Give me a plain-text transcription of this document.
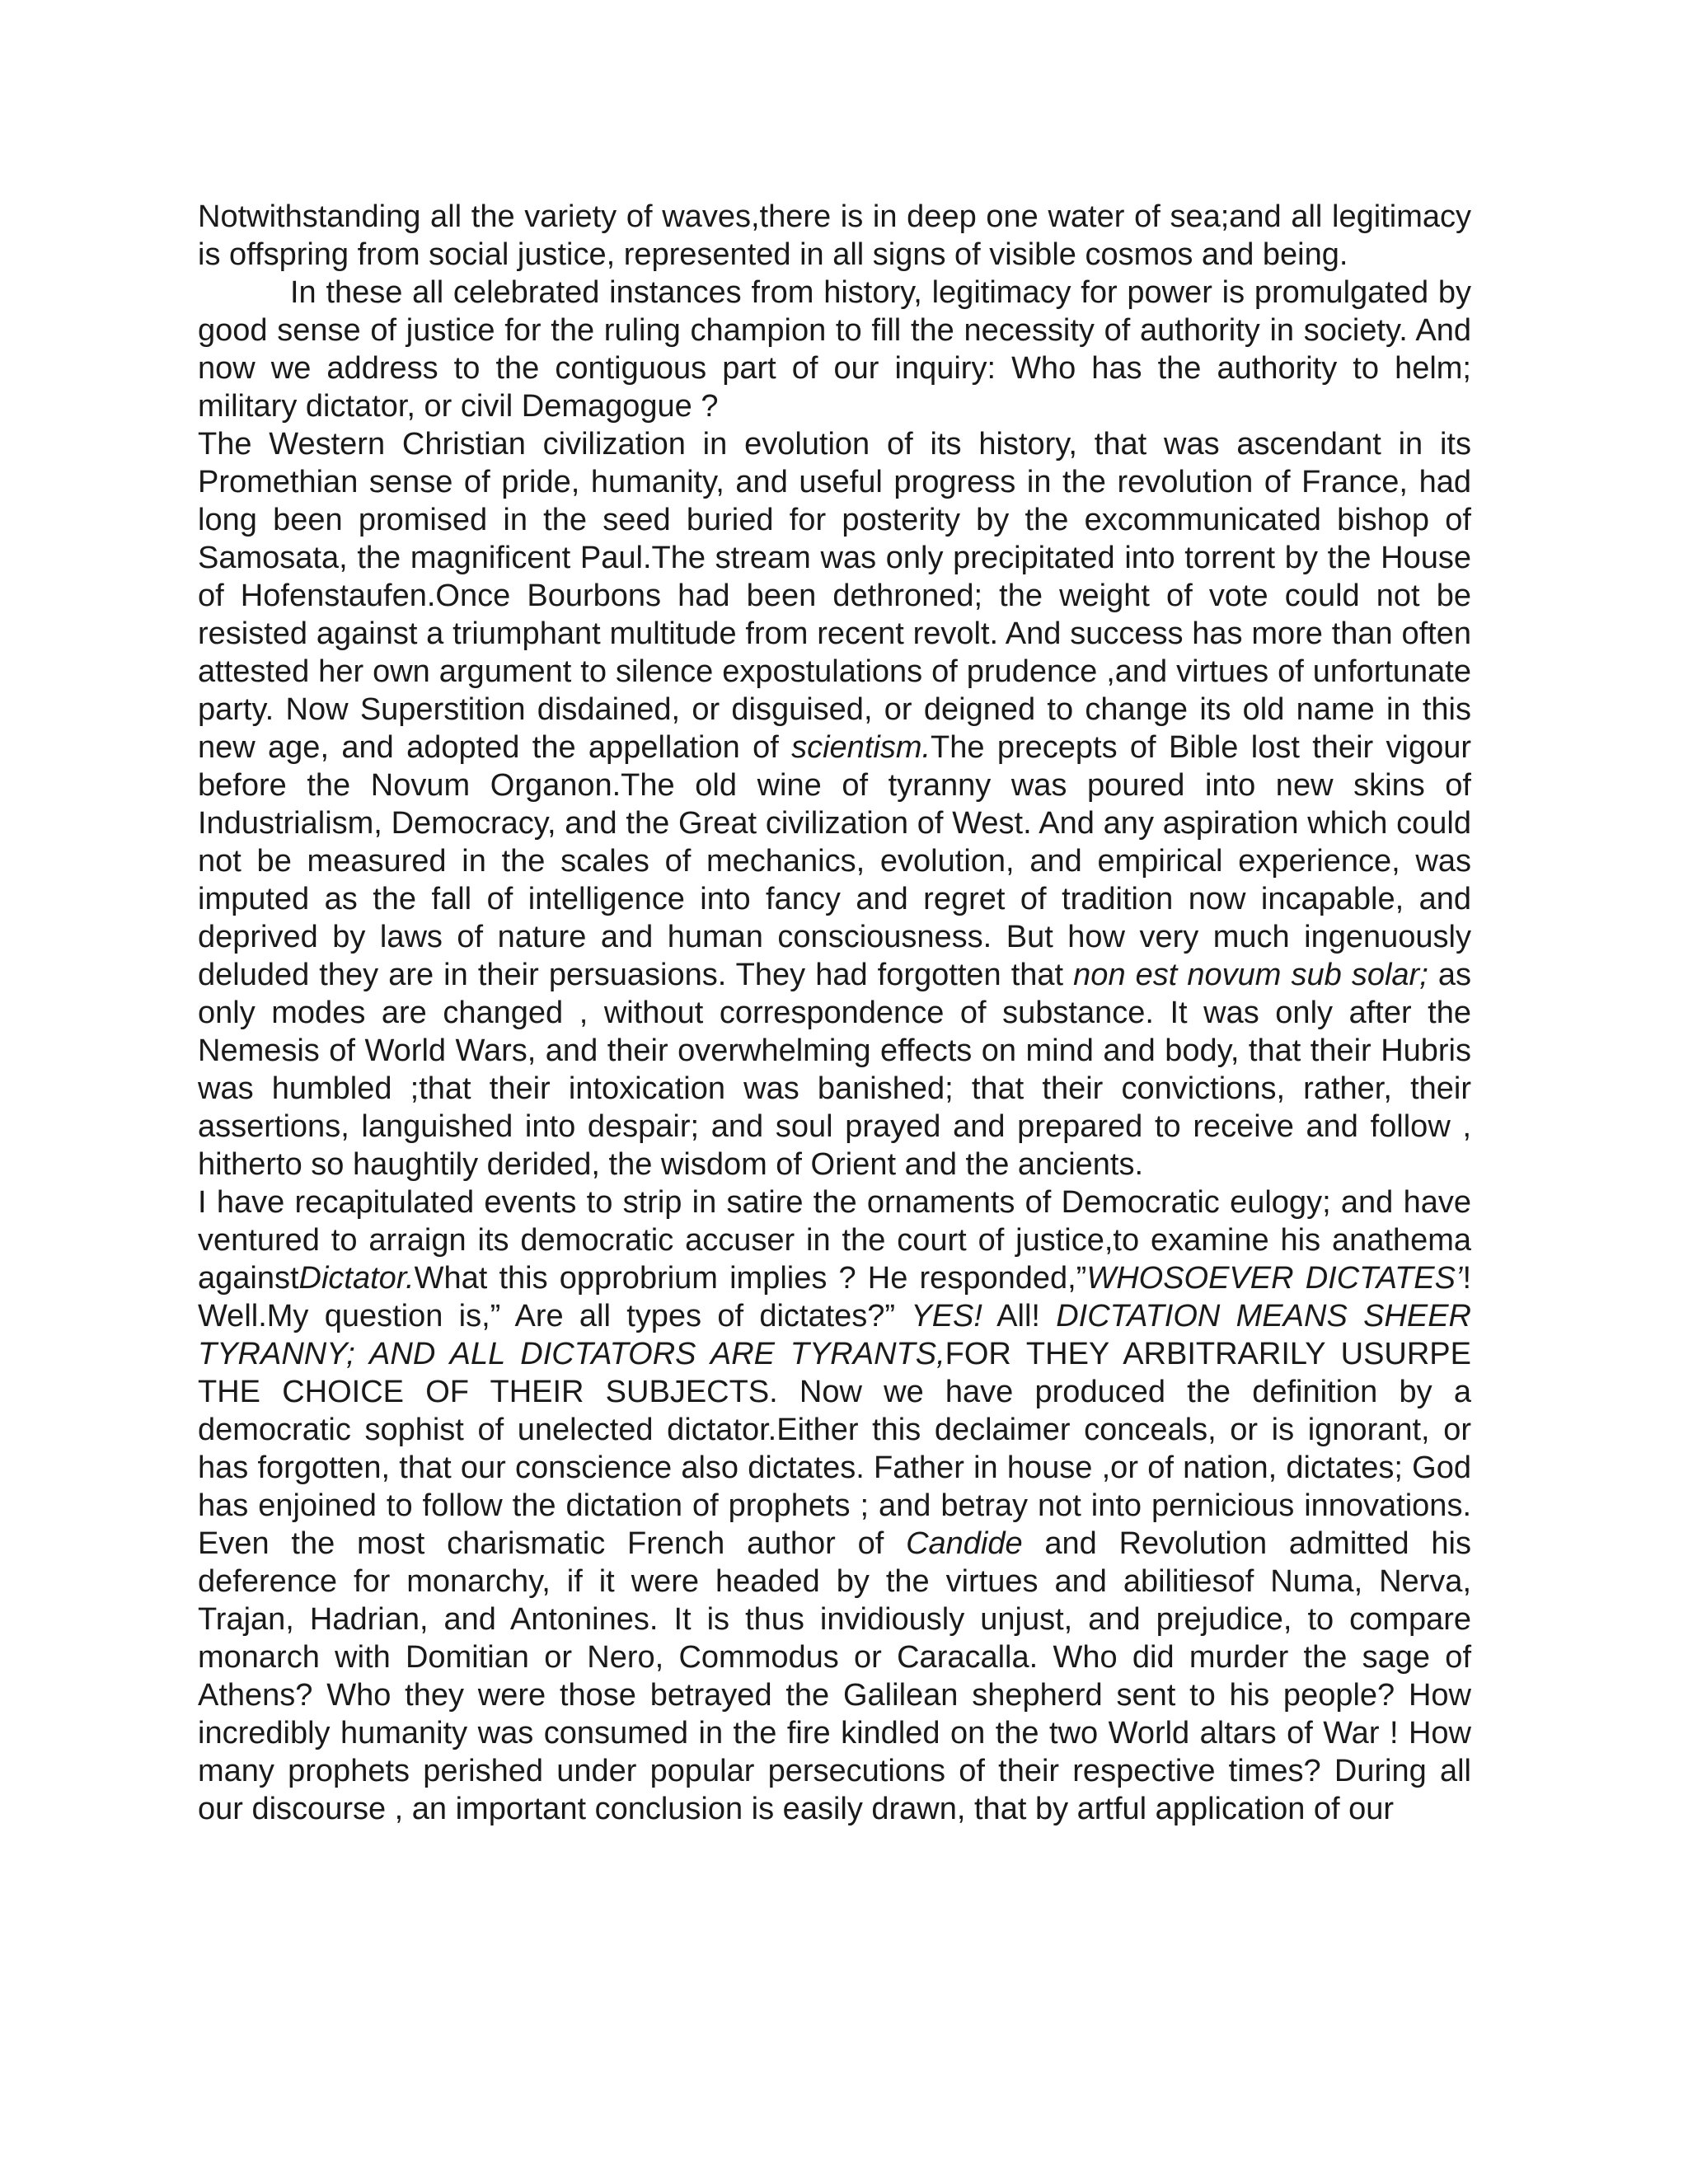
Notwithstanding all the variety of waves,there is in deep one water of sea;and all legitimacy is offspring from social justice, represented in all signs of visible cosmos and being.

In these all celebrated instances from history, legitimacy for power is promulgated by good sense of justice for the ruling champion to fill the necessity of authority in society. And now we address to the contiguous part of our inquiry: Who has the authority to helm; military dictator, or civil Demagogue ?

The Western Christian civilization in evolution of its history, that was ascendant in its Promethian sense of pride, humanity, and useful progress in the revolution of France, had long been promised in the seed buried for posterity by the excommunicated bishop of Samosata, the magnificent Paul.The stream was only precipitated into torrent by the House of Hofenstaufen.Once Bourbons had been dethroned; the weight of vote could not be resisted against a triumphant multitude from recent revolt. And success has more than often attested her own argument to silence expostulations of prudence ,and virtues of unfortunate party. Now Superstition disdained, or disguised, or deigned to change its old name in this new age, and adopted the appellation of scientism.The precepts of Bible lost their vigour before the Novum Organon.The old wine of tyranny was poured into new skins of Industrialism, Democracy, and the Great civilization of West. And any aspiration which could not be measured in the scales of mechanics, evolution, and empirical experience, was imputed as the fall of intelligence into fancy and regret of tradition now incapable, and deprived by laws of nature and human consciousness. But how very much ingenuously deluded they are in their persuasions. They had forgotten that non est novum sub solar; as only modes are changed , without correspondence of substance. It was only after the Nemesis of World Wars, and their overwhelming effects on mind and body, that their Hubris was humbled ;that their intoxication was banished; that their convictions, rather, their assertions, languished into despair; and soul prayed and prepared to receive and follow , hitherto so haughtily derided, the wisdom of Orient and the ancients.

I have recapitulated events to strip in satire the ornaments of Democratic eulogy; and have ventured to arraign its democratic accuser in the court of justice,to examine his anathema againstDictator.What this opprobrium implies ? He responded,”WHOSOEVER DICTATES’! Well.My question is,” Are all types of dictates?” YES! All! DICTATION MEANS SHEER TYRANNY; AND ALL DICTATORS ARE TYRANTS,FOR THEY ARBITRARILY USURPE THE CHOICE OF THEIR SUBJECTS. Now we have produced the definition by a democratic sophist of unelected dictator.Either this declaimer conceals, or is ignorant, or has forgotten, that our conscience also dictates. Father in house ,or of nation, dictates; God has enjoined to follow the dictation of prophets ; and betray not into pernicious innovations. Even the most charismatic French author of Candide and Revolution admitted his deference for monarchy, if it were headed by the virtues and abilitiesof Numa, Nerva, Trajan, Hadrian, and Antonines. It is thus invidiously unjust, and prejudice, to compare monarch with Domitian or Nero, Commodus or Caracalla. Who did murder the sage of Athens? Who they were those betrayed the Galilean shepherd sent to his people? How incredibly humanity was consumed in the fire kindled on the two World altars of War ! How many prophets perished under popular persecutions of their respective times? During all our discourse , an important conclusion is easily drawn, that by artful application of our
